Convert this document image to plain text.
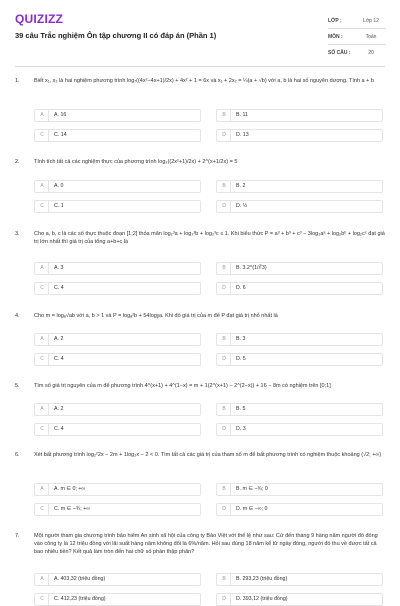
QUIZIZZ
39 câu Trắc nghiệm Ôn tập chương II có đáp án (Phần 1)
LỚP :	Lớp 12
MÔN :	Toán
SỐ CÂU :	20
1.	Biết x₁, x₂ là hai nghiệm phương trình log₇((4x²−4x+1)/2x) + 4x² + 1 = 6x và x₁ + 2x₂ = ¼(a + √b) với a, b là hai số nguyên dương. Tính a + b
A	A. 16	B	B. 11
C	C. 14	D	D. 13
2.	Tính tích tất cả các nghiệm thực của phương trình log₂((2x²+1)/2x) + 2^(x+1/2x) = 5
A	A. 0	B	B. 2
C	C. 1	D	D. ½
3.	Cho a, b, c là các số thực thuộc đoạn [1;2] thỏa mãn log₂³a + log₂³b + log₂³c ≤ 1. Khi biểu thức P = a³ + b³ + c³ − 3log₂aᵃ + log₂bᵇ + log₂cᶜ đạt giá trị lớn nhất thì giá trị của tổng a+b+c là
A	A. 3	B	B. 3.2^(1/∛3)
C	C. 4	D	D. 6
4.	Cho m = logₐ√ab với a, b > 1 và P = logₐ²b + 54logᵦa. Khi đó giá trị của m để P đạt giá trị nhỏ nhất là
A	A. 2	B	B. 3
C	C. 4	D	D. 5
5.	Tìm số giá trị nguyên của m để phương trình 4^(x+1) + 4^(1−x) = m + 1(2^(x+1) − 2^(2−x)) + 16 − 8m có nghiệm trên [0;1]
A	A. 2	B	B. 5
C	C. 4	D	D. 3
6.	Xét bất phương trình log₂²2x − 2m + 1log₂x − 2 < 0. Tìm tất cả các giá trị của tham số m để bất phương trình có nghiệm thuộc khoảng (√2; +∞)
A	A. m ∈ 0; +∞	B	B. m ∈ −¾; 0
C	C. m ∈ −¾; +∞	D	D. m ∈ −∞; 0
7.	Một người tham gia chương trình bảo hiểm An sinh xã hội của công ty Bảo Việt với thể lệ như sau: Cứ đến tháng 9 hàng năm người đó đóng vào công ty là 12 triệu đồng với lãi suất hàng năm không đổi là 6%/năm. Hỏi sau đúng 18 năm kể từ ngày đóng, người đó thu về được tất cả bao nhiêu tiền? Kết quả làm tròn đến hai chữ số phần thập phân?
A	A. 403,32 (triệu đồng)	B	B. 293,23 (triệu đồng)
C	C. 412,23 (triệu đồng)	D	D. 393,12 (triệu đồng)
